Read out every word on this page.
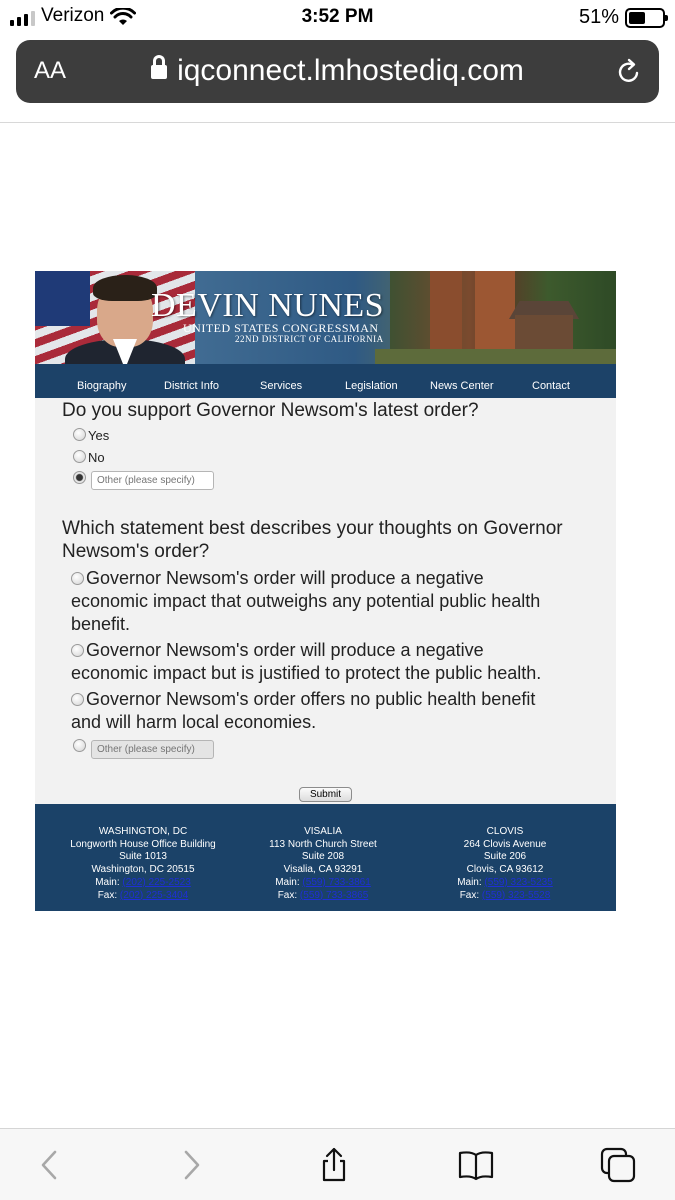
Verizon	3:52 PM	51%
AA	iqconnect.lmhostediq.com
DEVIN NUNES
UNITED STATES CONGRESSMAN
22ND DISTRICT OF CALIFORNIA
Biography	District Info	Services	Legislation	News Center	Contact
Do you support Governor Newsom's latest order?
Yes
No
Other (please specify)
Which statement best describes your thoughts on Governor
Newsom's order?
Governor Newsom's order will produce a negative
economic impact that outweighs any potential public health
benefit.
Governor Newsom's order will produce a negative
economic impact but is justified to protect the public health.
Governor Newsom's order offers no public health benefit
and will harm local economies.
Other (please specify)
Submit
WASHINGTON, DC
Longworth House Office Building
Suite 1013
Washington, DC 20515
Main: (202) 225-2523
Fax: (202) 225-3404
VISALIA
113 North Church Street
Suite 208
Visalia, CA 93291
Main: (559) 733-3861
Fax: (559) 733-3865
CLOVIS
264 Clovis Avenue
Suite 206
Clovis, CA 93612
Main: (559) 323-5235
Fax: (559) 323-5528
